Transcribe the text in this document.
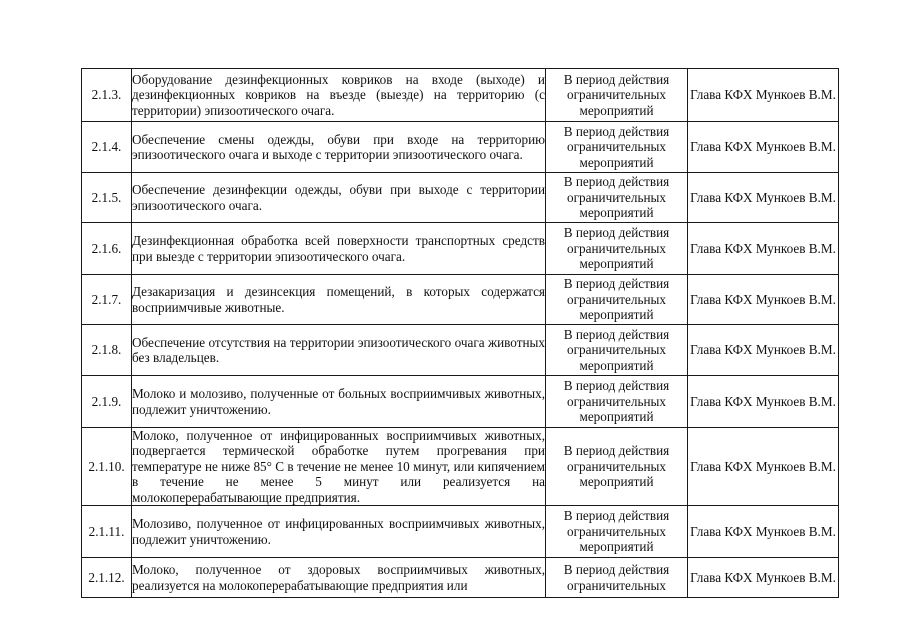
2.1.3.	Оборудование дезинфекционных ковриков на входе (выходе) и дезинфекционных ковриков на въезде (выезде) на территорию (с территории) эпизоотического очага.	В период действия ограничительных мероприятий	Глава КФХ Мункоев В.М.
2.1.4.	Обеспечение смены одежды, обуви при входе на территорию эпизоотического очага и выходе с территории эпизоотического очага.	В период действия ограничительных мероприятий	Глава КФХ Мункоев В.М.
2.1.5.	Обеспечение дезинфекции одежды, обуви при выходе с территории эпизоотического очага.	В период действия ограничительных мероприятий	Глава КФХ Мункоев В.М.
2.1.6.	Дезинфекционная обработка всей поверхности транспортных средств при выезде с территории эпизоотического очага.	В период действия ограничительных мероприятий	Глава КФХ Мункоев В.М.
2.1.7.	Дезакаризация и дезинсекция помещений, в которых содержатся восприимчивые животные.	В период действия ограничительных мероприятий	Глава КФХ Мункоев В.М.
2.1.8.	Обеспечение отсутствия на территории эпизоотического очага животных без владельцев.	В период действия ограничительных мероприятий	Глава КФХ Мункоев В.М.
2.1.9.	Молоко и молозиво, полученные от больных восприимчивых животных, подлежит уничтожению.	В период действия ограничительных мероприятий	Глава КФХ Мункоев В.М.
2.1.10.	Молоко, полученное от инфицированных восприимчивых животных, подвергается термической обработке путем прогревания при температуре не ниже 85° С в течение не менее 10 минут, или кипячением в течение не менее 5 минут или реализуется на молокоперерабатывающие предприятия.	В период действия ограничительных мероприятий	Глава КФХ Мункоев В.М.
2.1.11.	Молозиво, полученное от инфицированных восприимчивых животных, подлежит уничтожению.	В период действия ограничительных мероприятий	Глава КФХ Мункоев В.М.
2.1.12.	Молоко, полученное от здоровых восприимчивых животных, реализуется на молокоперерабатывающие предприятия или	В период действия ограничительных	Глава КФХ Мункоев В.М.
